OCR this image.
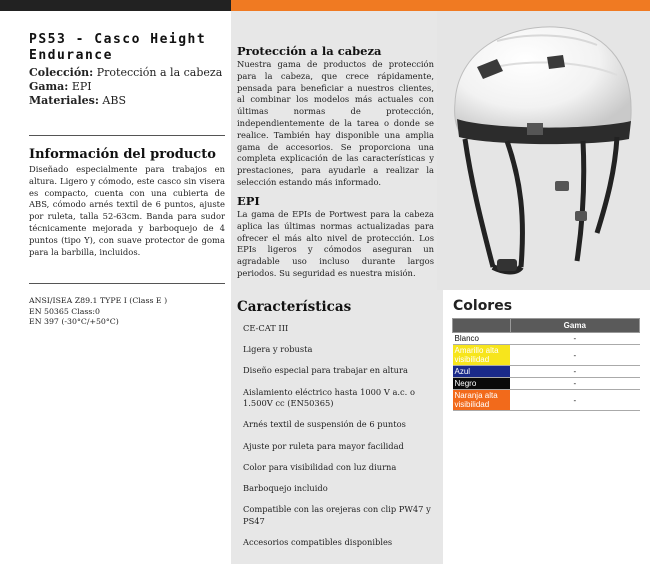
PS53 - Casco Height Endurance
Colección: Protección a la cabeza
Gama: EPI
Materiales: ABS
Información del producto
Diseñado especialmente para trabajos en altura. Ligero y cómodo, este casco sin visera es compacto, cuenta con una cubierta de ABS, cómodo arnés textil de 6 puntos, ajuste por ruleta, talla 52-63cm. Banda para sudor técnicamente mejorada y barboquejo de 4 puntos (tipo Y), con suave protector de goma para la barbilla, incluidos.
ANSI/ISEA Z89.1 TYPE I (Class E )
EN 50365 Class:0
EN 397 (-30°C/+50°C)
Protección a la cabeza
Nuestra gama de productos de protección para la cabeza, que crece rápidamente, pensada para beneficiar a nuestros clientes, al combinar los modelos más actuales con últimas normas de protección, independientemente de la tarea o donde se realice. También hay disponible una amplia gama de accesorios. Se proporciona una completa explicación de las características y prestaciones, para ayudarle a realizar la selección estando más informado.
EPI
La gama de EPIs de Portwest para la cabeza aplica las últimas normas actualizadas para ofrecer el más alto nivel de protección. Los EPIs ligeros y cómodos aseguran un agradable uso incluso durante largos periodos. Su seguridad es nuestra misión.
Características
CE-CAT III
Ligera y robusta
Diseño especial para trabajar en altura
Aislamiento eléctrico hasta 1000 V a.c. o 1.500V cc (EN50365)
Arnés textil de suspensión de 6 puntos
Ajuste por ruleta para mayor facilidad
Color para visibilidad con luz diurna
Barboquejo incluido
Compatible con las orejeras con clip PW47 y PS47
Accesorios compatibles disponibles
Colores
	Gama
Blanco	-
Amarillo alta visibilidad	-
Azul	-
Negro	-
Naranja alta visibilidad	-
